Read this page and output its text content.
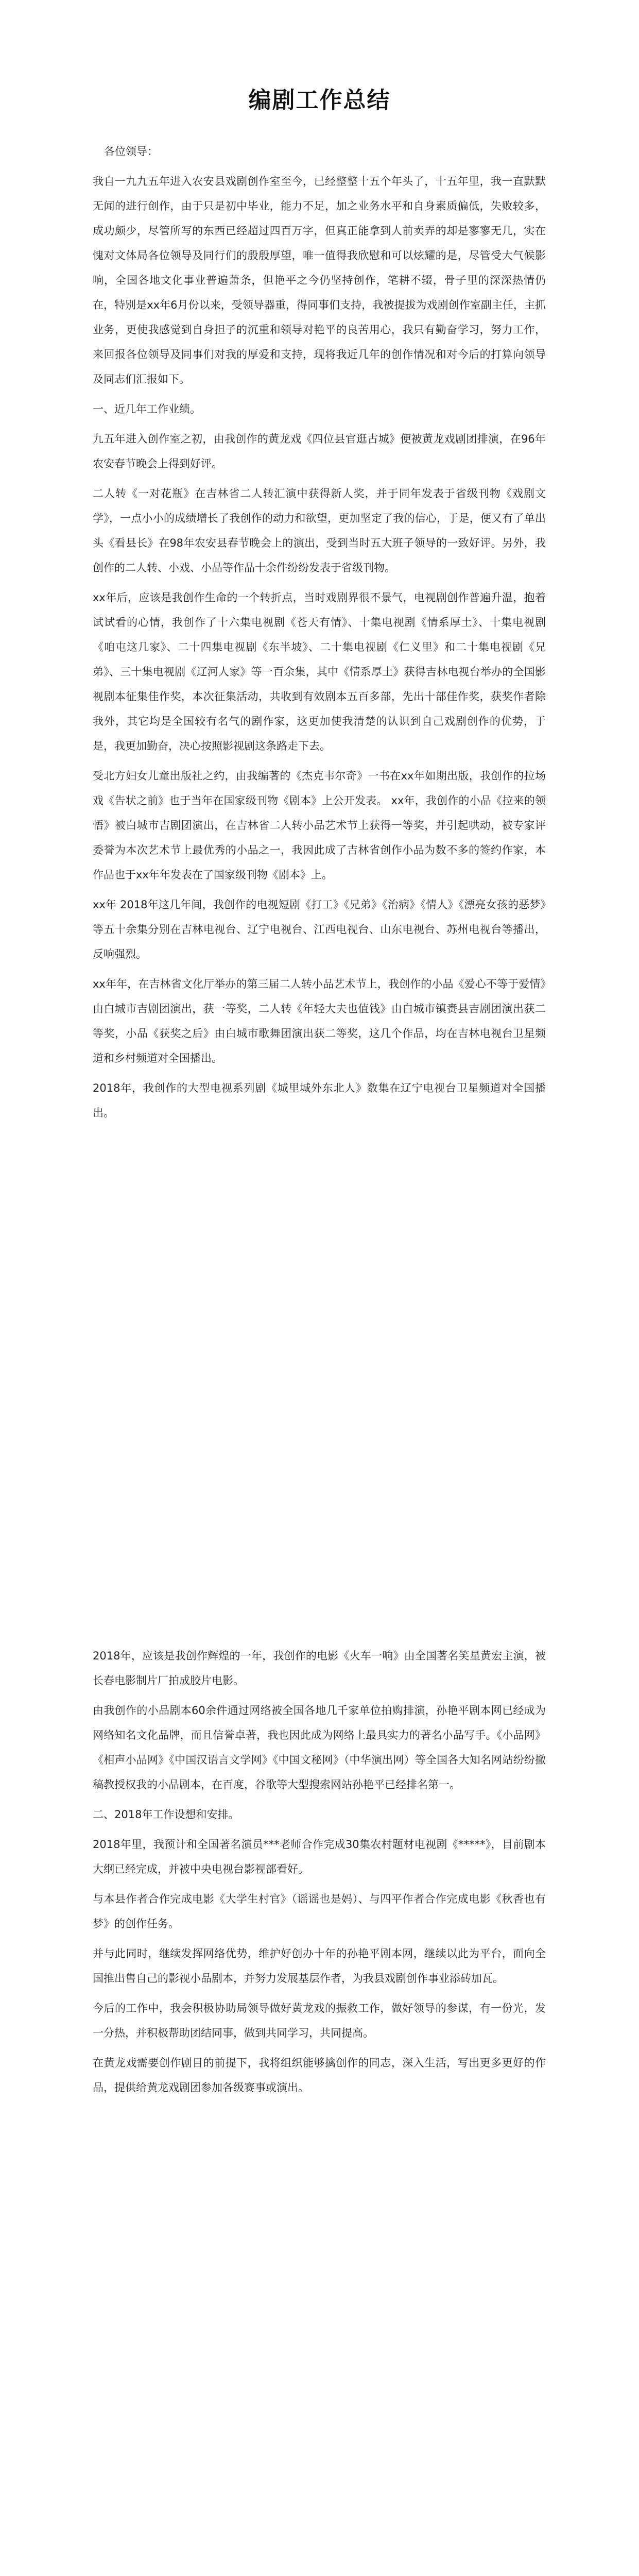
编剧工作总结

各位领导：

我自一九九五年进入农安县戏剧创作室至今，已经整整十五个年头了，十五年里，我一直默默无闻的进行创作，由于只是初中毕业，能力不足，加之业务水平和自身素质偏低，失败较多，成功颇少，尽管所写的东西已经超过四百万字，但真正能拿到人前卖弄的却是寥寥无几，实在愧对文体局各位领导及同行们的殷殷厚望，唯一值得我欣慰和可以炫耀的是，尽管受大气候影响，全国各地文化事业普遍萧条，但艳平之今仍坚持创作，笔耕不辍，骨子里的深深热情仍在，特别是xx年6月份以来，受领导器重，得同事们支持，我被提拔为戏剧创作室副主任，主抓业务，更使我感觉到自身担子的沉重和领导对艳平的良苦用心，我只有勤奋学习，努力工作，来回报各位领导及同事们对我的厚爱和支持，现将我近几年的创作情况和对今后的打算向领导及同志们汇报如下。

一、近几年工作业绩。

九五年进入创作室之初，由我创作的黄龙戏《四位县官逛古城》便被黄龙戏剧团排演，在96年农安春节晚会上得到好评。

二人转《一对花瓶》在吉林省二人转汇演中获得新人奖，并于同年发表于省级刊物《戏剧文学》，一点小小的成绩增长了我创作的动力和欲望，更加坚定了我的信心，于是，便又有了单出头《看县长》在98年农安县春节晚会上的演出，受到当时五大班子领导的一致好评。另外，我创作的二人转、小戏、小品等作品十余件纷纷发表于省级刊物。

xx年后，应该是我创作生命的一个转折点，当时戏剧界很不景气，电视剧创作普遍升温，抱着试试看的心情，我创作了十六集电视剧《苍天有情》、十集电视剧《情系厚土》、十集电视剧《咱屯这几家》、二十四集电视剧《东半坡》、二十集电视剧《仁义里》和二十集电视剧《兄弟》、三十集电视剧《辽河人家》等一百余集，其中《情系厚土》获得吉林电视台举办的全国影视剧本征集佳作奖，本次征集活动，共收到有效剧本五百多部，先出十部佳作奖，获奖作者除我外，其它均是全国较有名气的剧作家，这更加使我清楚的认识到自己戏剧创作的优势，于是，我更加勤奋，决心按照影视剧这条路走下去。

受北方妇女儿童出版社之约，由我编著的《杰克韦尔奇》一书在xx年如期出版，我创作的拉场戏《告状之前》也于当年在国家级刊物《剧本》上公开发表。 xx年，我创作的小品《拉来的领悟》被白城市吉剧团演出，在吉林省二人转小品艺术节上获得一等奖，并引起哄动，被专家评委誉为本次艺术节上最优秀的小品之一，我因此成了吉林省创作小品为数不多的签约作家，本作品也于xx年年发表在了国家级刊物《剧本》上。

xx年 2018年这几年间，我创作的电视短剧《打工》《兄弟》《治病》《情人》《漂亮女孩的恶梦》等五十余集分别在吉林电视台、辽宁电视台、江西电视台、山东电视台、苏州电视台等播出，反响强烈。

xx年年，在吉林省文化厅举办的第三届二人转小品艺术节上，我创作的小品《爱心不等于爱情》由白城市吉剧团演出，获一等奖，二人转《年轻大夫也值钱》由白城市镇赉县吉剧团演出获二等奖，小品《获奖之后》由白城市歌舞团演出获二等奖，这几个作品，均在吉林电视台卫星频道和乡村频道对全国播出。

2018年，我创作的大型电视系列剧《城里城外东北人》数集在辽宁电视台卫星频道对全国播出。

2018年，应该是我创作辉煌的一年，我创作的电影《火车一响》由全国著名笑星黄宏主演，被长春电影制片厂拍成胶片电影。

由我创作的小品剧本60余件通过网络被全国各地几千家单位拍购排演，孙艳平剧本网已经成为网络知名文化品牌，而且信誉卓著，我也因此成为网络上最具实力的著名小品写手。《小品网》《相声小品网》《中国汉语言文学网》《中国文秘网》（中华演出网）等全国各大知名网站纷纷撤稿教授权我的小品剧本，在百度，谷歌等大型搜索网站孙艳平已经排名第一。

二、2018年工作设想和安排。

2018年里，我预计和全国著名演员***老师合作完成30集农村题材电视剧《*****》，目前剧本大纲已经完成，并被中央电视台影视部看好。

与本县作者合作完成电影《大学生村官》（谣谣也是妈）、与四平作者合作完成电影《秋香也有梦》的创作任务。

并与此同时，继续发挥网络优势，维护好创办十年的孙艳平剧本网，继续以此为平台，面向全国推出售自己的影视小品剧本，并努力发展基层作者，为我县戏剧创作事业添砖加瓦。

今后的工作中，我会积极协助局领导做好黄龙戏的振救工作，做好领导的参谋，有一份光，发一分热，并积极帮助团结同事，做到共同学习，共同提高。

在黄龙戏需要创作剧目的前提下，我将组织能够擒创作的同志，深入生活，写出更多更好的作品，提供给黄龙戏剧团参加各级赛事或演出。
